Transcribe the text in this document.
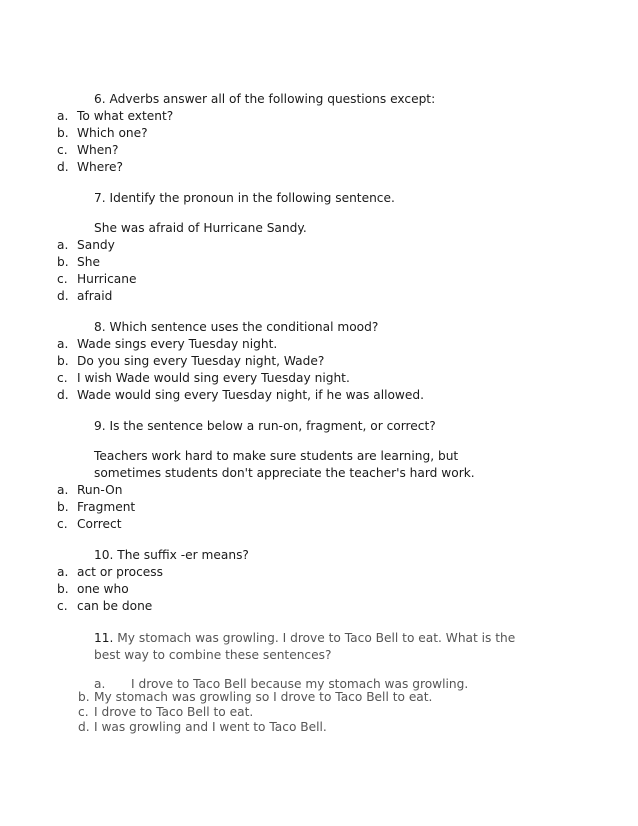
6. Adverbs answer all of the following questions except:
a. To what extent?
b. Which one?
c. When?
d. Where?
7. Identify the pronoun in the following sentence.
She was afraid of Hurricane Sandy.
a. Sandy
b. She
c. Hurricane
d. afraid
8. Which sentence uses the conditional mood?
a. Wade sings every Tuesday night.
b. Do you sing every Tuesday night, Wade?
c. I wish Wade would sing every Tuesday night.
d. Wade would sing every Tuesday night, if he was allowed.
9. Is the sentence below a run-on, fragment, or correct?
Teachers work hard to make sure students are learning, but
sometimes students don't appreciate the teacher's hard work.
a. Run-On
b. Fragment
c. Correct
10. The suffix -er means?
a. act or process
b. one who
c. can be done
11. My stomach was growling. I drove to Taco Bell to eat. What is the
best way to combine these sentences?
a. I drove to Taco Bell because my stomach was growling.
b. My stomach was growling so I drove to Taco Bell to eat.
c. I drove to Taco Bell to eat.
d. I was growling and I went to Taco Bell.
